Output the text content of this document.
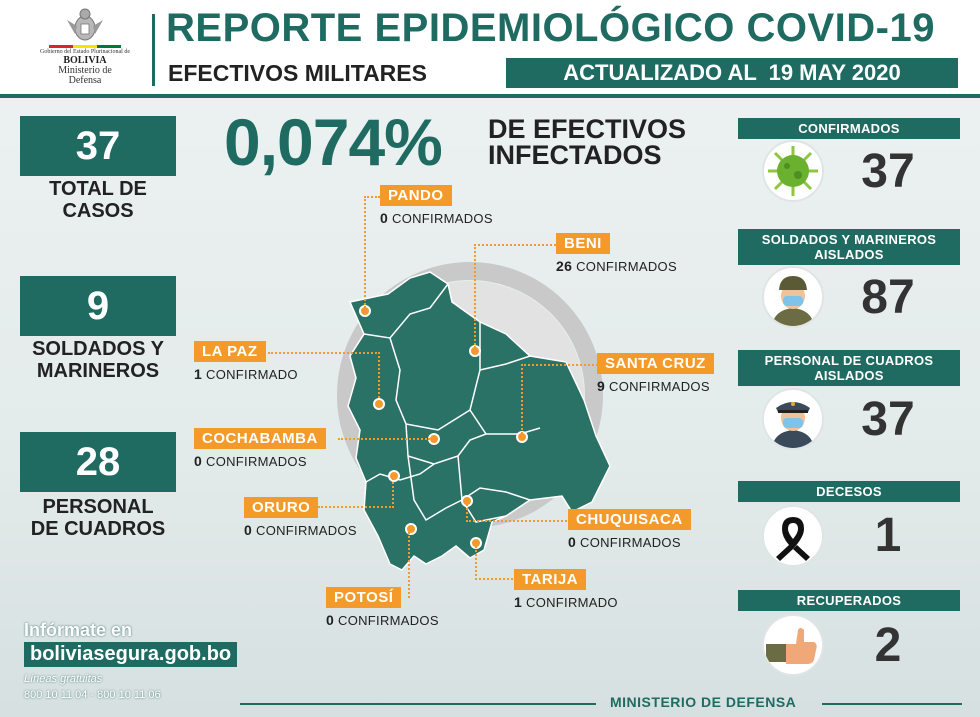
Gobierno del Estado Plurinacional de
BOLIVIA
Ministerio de
Defensa
REPORTE EPIDEMIOLÓGICO COVID-19
EFECTIVOS MILITARES	ACTUALIZADO AL  19 MAY 2020
0,074% DE EFECTIVOS
INFECTADOS
37
TOTAL DE
CASOS
9
SOLDADOS Y
MARINEROS
28
PERSONAL
DE CUADROS
PANDO
0 CONFIRMADOS
BENI
26 CONFIRMADOS
LA PAZ
1 CONFIRMADO
SANTA CRUZ
9 CONFIRMADOS
COCHABAMBA
0 CONFIRMADOS
ORURO
0 CONFIRMADOS
CHUQUISACA
0 CONFIRMADOS
TARIJA
1 CONFIRMADO
POTOSÍ
0 CONFIRMADOS
CONFIRMADOS
37
SOLDADOS Y MARINEROS
AISLADOS
87
PERSONAL DE CUADROS
AISLADOS
37
DECESOS
1
RECUPERADOS
2
Infórmate en
boliviasegura.gob.bo
Líneas gratuitas
800 10 11 04 - 800 10 11 06	MINISTERIO DE DEFENSA
